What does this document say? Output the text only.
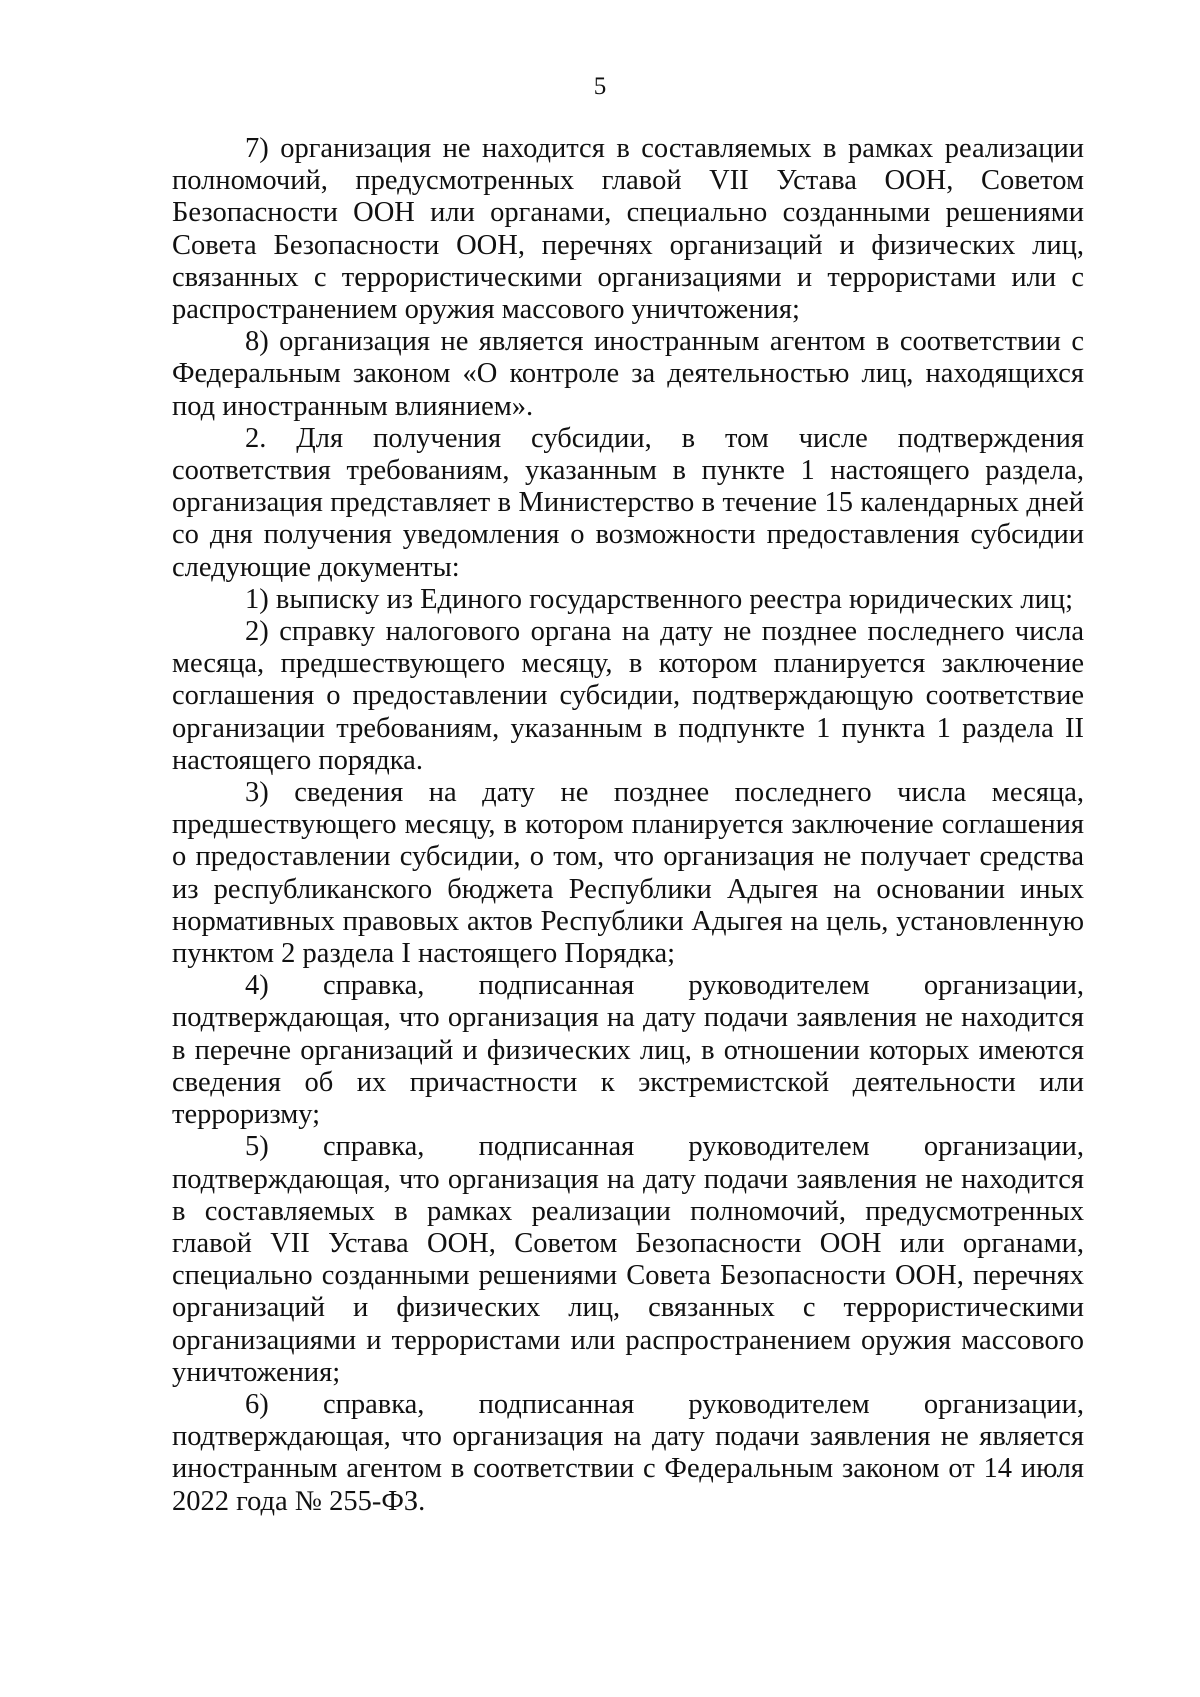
5

7) организация не находится в составляемых в рамках реализации полномочий, предусмотренных главой VII Устава ООН, Советом Безопасности ООН или органами, специально созданными решениями Совета Безопасности ООН, перечнях организаций и физических лиц, связанных с террористическими организациями и террористами или с распространением оружия массового уничтожения;

8) организация не является иностранным агентом в соответствии с Федеральным законом «О контроле за деятельностью лиц, находящихся под иностранным влиянием».

2. Для получения субсидии, в том числе подтверждения соответствия требованиям, указанным в пункте 1 настоящего раздела, организация представляет в Министерство в течение 15 календарных дней со дня получения уведомления о возможности предоставления субсидии следующие документы:

1) выписку из Единого государственного реестра юридических лиц;

2) справку налогового органа на дату не позднее последнего числа месяца, предшествующего месяцу, в котором планируется заключение соглашения о предоставлении субсидии, подтверждающую соответствие организации требованиям, указанным в подпункте 1 пункта 1 раздела II настоящего порядка.

3) сведения на дату не позднее последнего числа месяца, предшествующего месяцу, в котором планируется заключение соглашения о предоставлении субсидии, о том, что организация не получает средства из республиканского бюджета Республики Адыгея на основании иных нормативных правовых актов Республики Адыгея на цель, установленную пунктом 2 раздела I настоящего Порядка;

4) справка, подписанная руководителем организации, подтверждающая, что организация на дату подачи заявления не находится в перечне организаций и физических лиц, в отношении которых имеются сведения об их причастности к экстремистской деятельности или терроризму;

5) справка, подписанная руководителем организации, подтверждающая, что организация на дату подачи заявления не находится в составляемых в рамках реализации полномочий, предусмотренных главой VII Устава ООН, Советом Безопасности ООН или органами, специально созданными решениями Совета Безопасности ООН, перечнях организаций и физических лиц, связанных с террористическими организациями и террористами или распространением оружия массового уничтожения;

6) справка, подписанная руководителем организации, подтверждающая, что организация на дату подачи заявления не является иностранным агентом в соответствии с Федеральным законом от 14 июля 2022 года № 255-ФЗ.
